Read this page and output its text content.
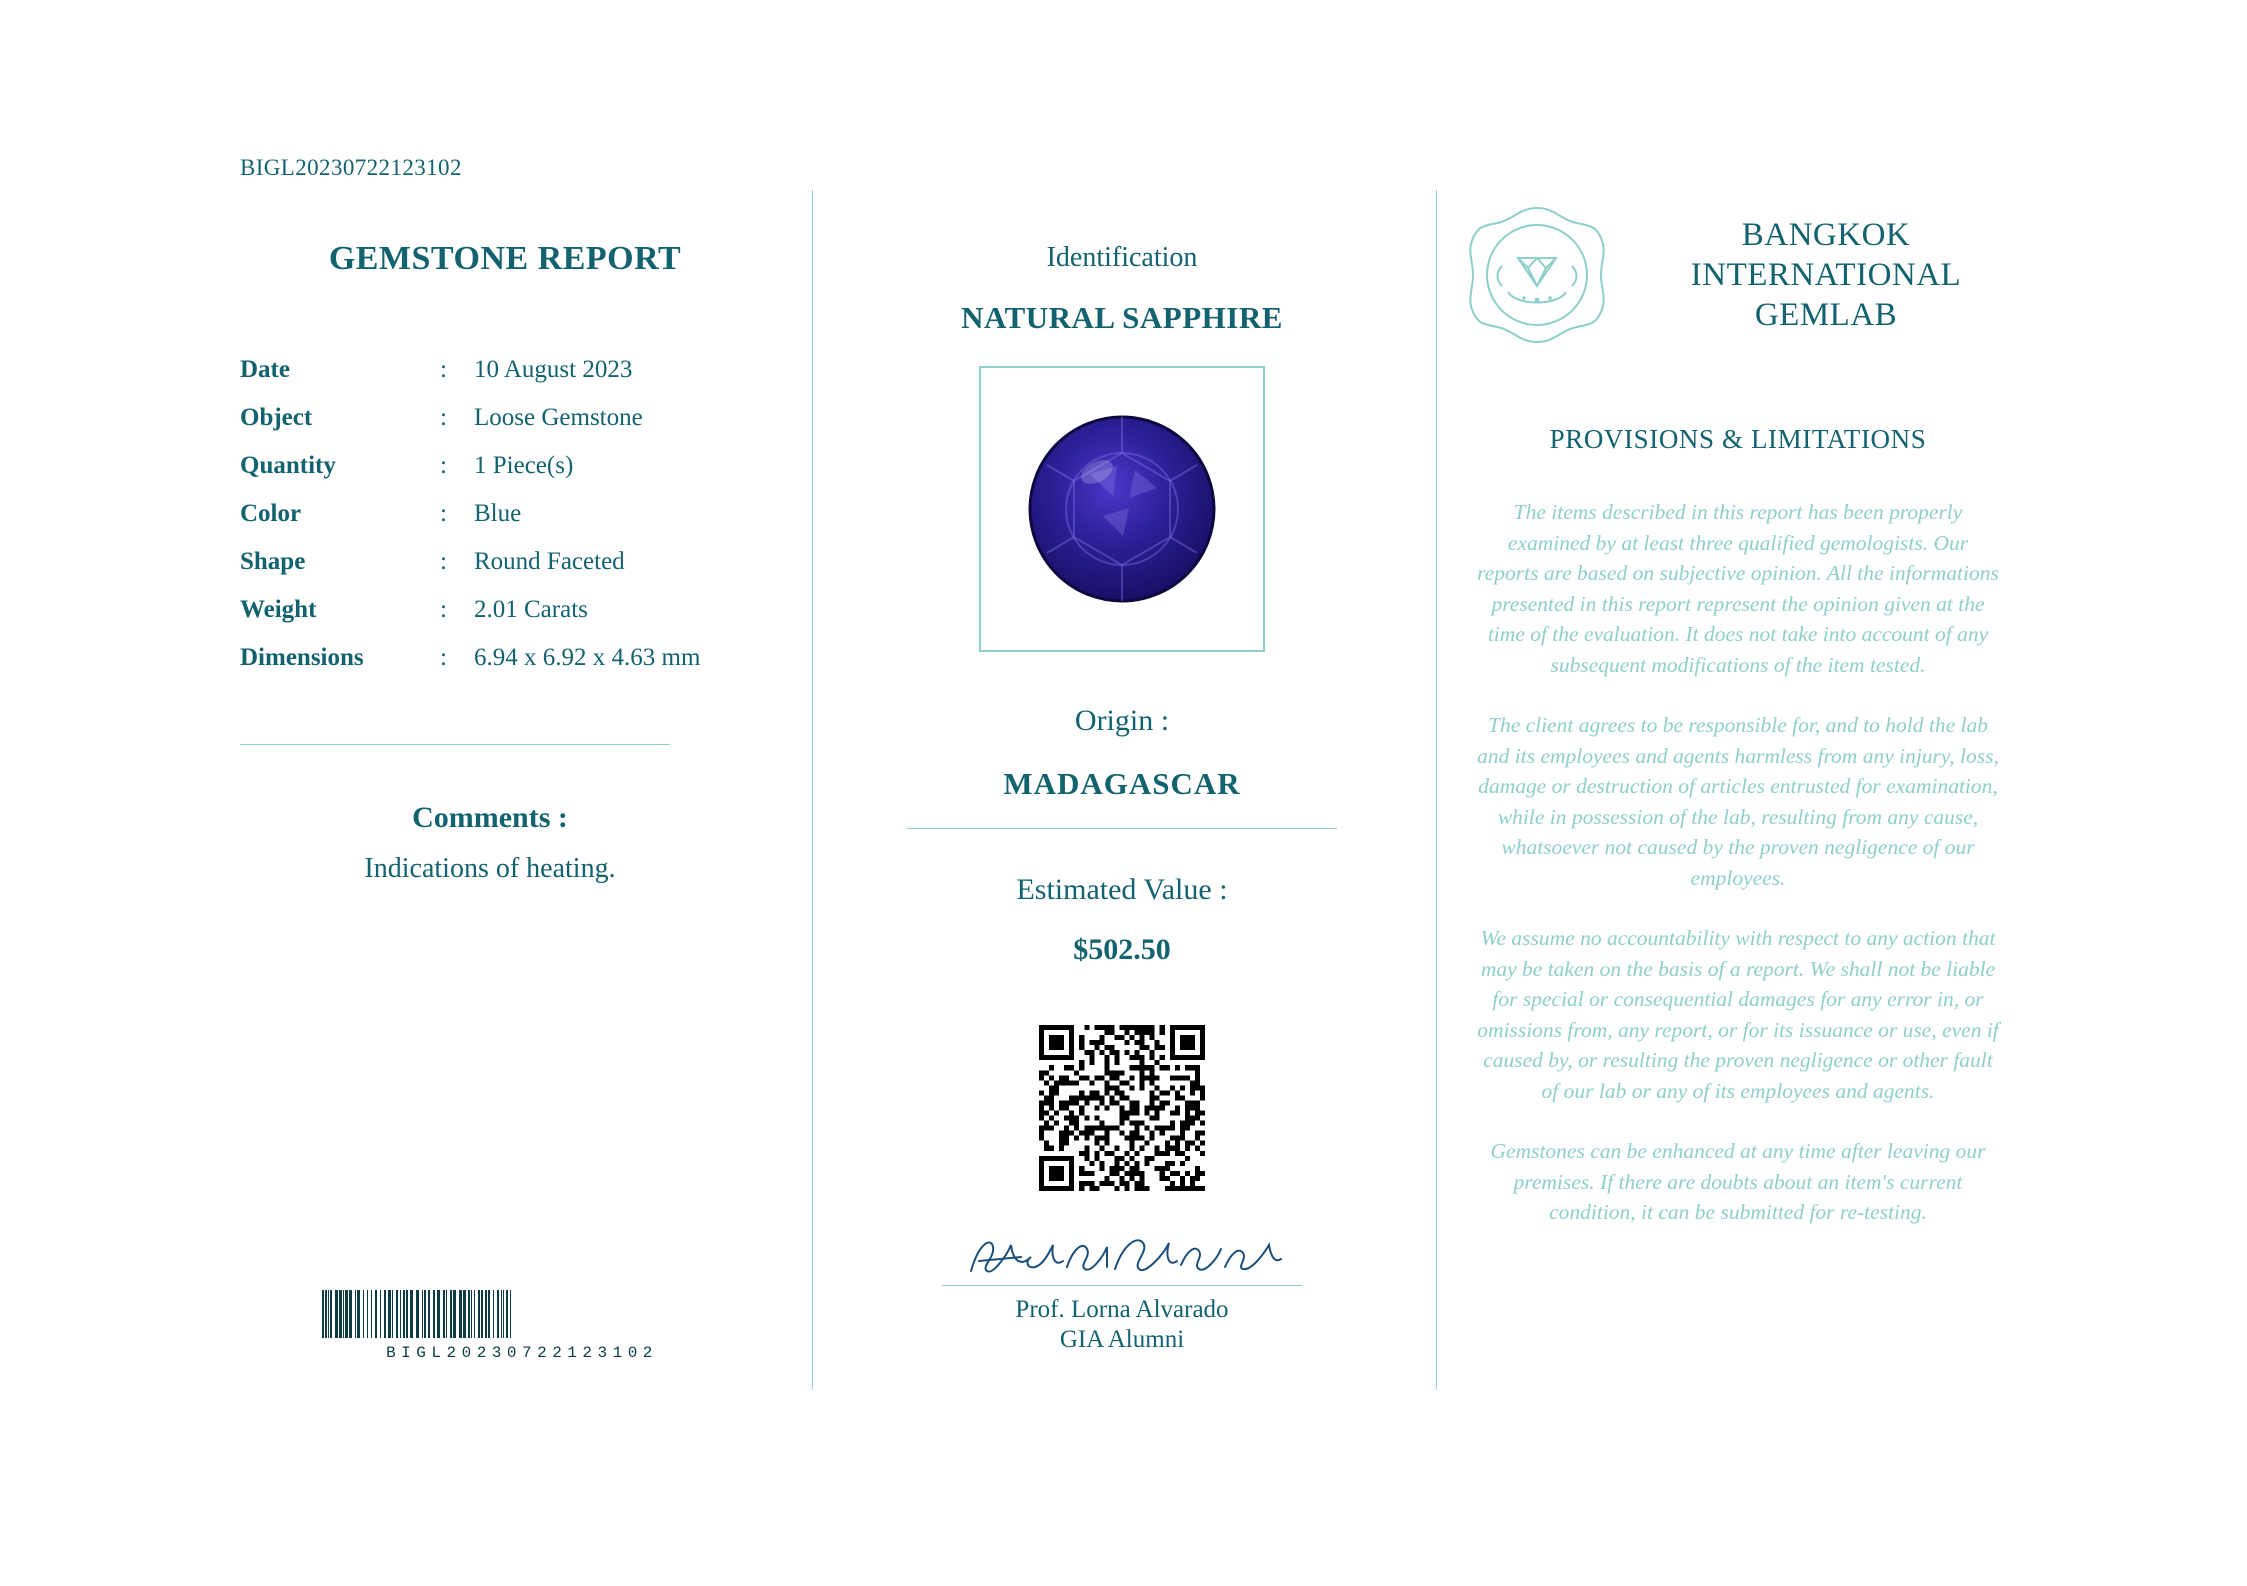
BIGL20230722123102
GEMSTONE REPORT
Date	:	10 August 2023
Object	:	Loose Gemstone
Quantity	:	1 Piece(s)
Color	:	Blue
Shape	:	Round Faceted
Weight	:	2.01 Carats
Dimensions	:	6.94 x 6.92 x 4.63 mm
Comments :
Indications of heating.
BIGL20230722123102
Identification
NATURAL SAPPHIRE
Origin :
MADAGASCAR
Estimated Value :
$502.50
Prof. Lorna Alvarado
GIA Alumni
BANGKOK
INTERNATIONAL
GEMLAB
PROVISIONS & LIMITATIONS
The items described in this report has been properly examined by at least three qualified gemologists. Our reports are based on subjective opinion. All the informations presented in this report represent the opinion given at the time of the evaluation. It does not take into account of any subsequent modifications of the item tested.
The client agrees to be responsible for, and to hold the lab and its employees and agents harmless from any injury, loss, damage or destruction of articles entrusted for examination, while in possession of the lab, resulting from any cause, whatsoever not caused by the proven negligence of our employees.
We assume no accountability with respect to any action that may be taken on the basis of a report. We shall not be liable for special or consequential damages for any error in, or omissions from, any report, or for its issuance or use, even if caused by, or resulting the proven negligence or other fault of our lab or any of its employees and agents.
Gemstones can be enhanced at any time after leaving our premises. If there are doubts about an item's current condition, it can be submitted for re-testing.
